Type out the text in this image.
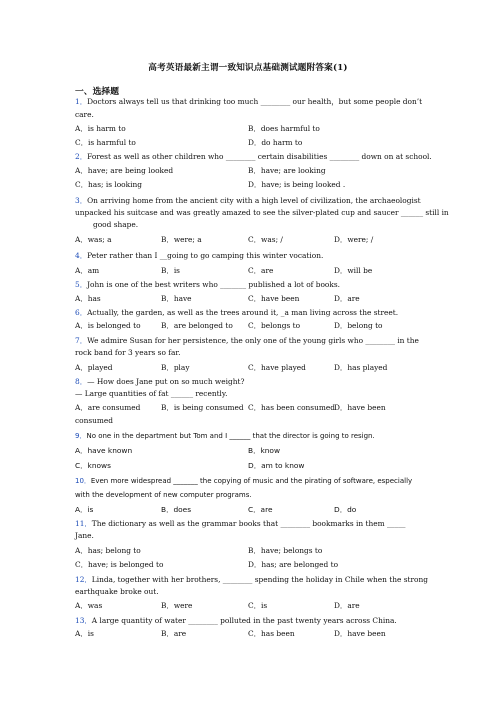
高考英语最新主谓一致知识点基础测试题附答案(1)
一、选择题
1．Doctors always tell us that drinking too much ________ our health，but some people don’t
care.
A．is harm to	B．does harmful to
C．is harmful to	D．do harm to
2．Forest as well as other children who ________ certain disabilities ________ down on at school.
A．have; are being looked	B．have; are looking
C．has; is looking	D．have; is being looked .
3．On arriving home from the ancient city with a high level of civilization, the archaeologist
unpacked his suitcase and was greatly amazed to see the silver-plated cup and saucer ______ still in
good shape.
A．was; a	B．were; a	C．was; /	D．were; /
4．Peter rather than I __going to go camping this winter vocation.
A．am	B．is	C．are	D．will be
5．John is one of the best writers who _______ published a lot of books.
A．has	B．have	C．have been	D．are
6．Actually, the garden, as well as the trees around it, _a man living across the street.
A．is belonged to	B．are belonged to C．belongs to	D．belong to
7．We admire Susan for her persistence, the only one of the young girls who ________ in the
rock band for 3 years so far.
A．played	B．play	C．have played	D．has played
8．— How does Jane put on so much weight?
— Large quantities of fat ______ recently.
A．are consumed	B．is being consumed C．has been consumed D．have been
consumed
9．No one in the department but Tom and I ______ that the director is going to resign.
A．have known	B．know
C．knows	D．am to know
10．Even more widespread _______ the copying of music and the pirating of software, especially
with the development of new computer programs.
A．is	B．does	C．are	D．do
11．The dictionary as well as the grammar books that ________ bookmarks in them _____
Jane.
A．has; belong to	B．have; belongs to
C．have; is belonged to	D．has; are belonged to
12．Linda, together with her brothers, ________ spending the holiday in Chile when the strong
earthquake broke out.
A．was	B．were	C．is	D．are
13．A large quantity of water ________ polluted in the past twenty years across China.
A．is	B．are	C．has been	D．have been
